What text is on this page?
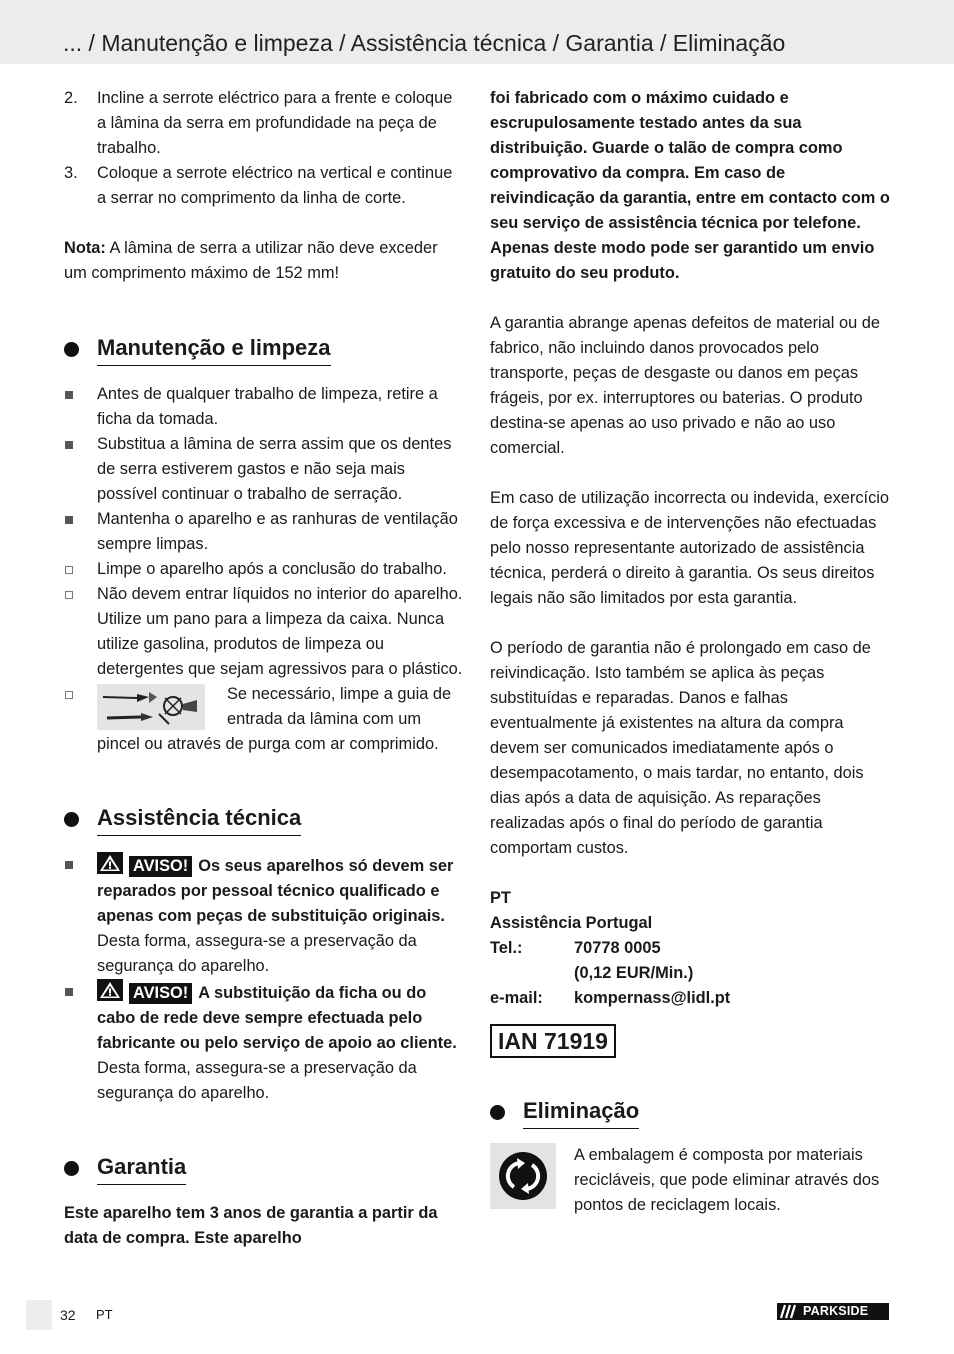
... / Manutenção e limpeza / Assistência técnica / Garantia / Eliminação

2. Incline a serrote eléctrico para a frente e coloque a lâmina da serra em profundidade na peça de trabalho.

3. Coloque a serrote eléctrico na vertical e continue a serrar no comprimento da linha de corte.

Nota: A lâmina de serra a utilizar não deve exceder um comprimento máximo de 152 mm!

Manutenção e limpeza

Antes de qualquer trabalho de limpeza, retire a ficha da tomada.

Substitua a lâmina de serra assim que os dentes de serra estiverem gastos e não seja mais possível continuar o trabalho de serração.

Mantenha o aparelho e as ranhuras de ventilação sempre limpas.

Limpe o aparelho após a conclusão do trabalho.

Não devem entrar líquidos no interior do aparelho. Utilize um pano para a limpeza da caixa. Nunca utilize gasolina, produtos de limpeza ou detergentes que sejam agressivos para o plástico.

Se necessário, limpe a guia de entrada da lâmina com um pincel ou através de purga com ar comprimido.
Assistência técnica

AVISO! Os seus aparelhos só devem ser reparados por pessoal técnico qualificado e apenas com peças de substituição originais. Desta forma, assegura-se a preservação da segurança do aparelho.

AVISO! A substituição da ficha ou do cabo de rede deve sempre efectuada pelo fabricante ou pelo serviço de apoio ao cliente. Desta forma, assegura-se a preservação da segurança do aparelho.

Garantia

Este aparelho tem 3 anos de garantia a partir da data de compra. Este aparelho

foi fabricado com o máximo cuidado e escrupulosamente testado antes da sua distribuição. Guarde o talão de compra como comprovativo da compra. Em caso de reivindicação da garantia, entre em contacto com o seu serviço de assistência técnica por telefone. Apenas deste modo pode ser garantido um envio gratuito do seu produto.

A garantia abrange apenas defeitos de material ou de fabrico, não incluindo danos provocados pelo transporte, peças de desgaste ou danos em peças frágeis, por ex. interruptores ou baterias. O produto destina-se apenas ao uso privado e não ao uso comercial.

Em caso de utilização incorrecta ou indevida, exercício de força excessiva e de intervenções não efectuadas pelo nosso representante autorizado de assistência técnica, perderá o direito à garantia. Os seus direitos legais não são limitados por esta garantia.

O período de garantia não é prolongado em caso de reivindicação. Isto também se aplica às peças substituídas e reparadas. Danos e falhas eventualmente já existentes na altura da compra devem ser comunicados imediatamente após o desempacotamento, o mais tardar, no entanto, dois dias após a data de aquisição. As reparações realizadas após o final do período de garantia comportam custos.

PT
Assistência Portugal
Tel.:	70778 0005
(0,12 EUR/Min.)
e-mail:	kompernass@lidl.pt
IAN 71919
Eliminação

A embalagem é composta por materiais recicláveis, que pode eliminar através dos pontos de reciclagem locais.

32 PT	PARKSIDE
